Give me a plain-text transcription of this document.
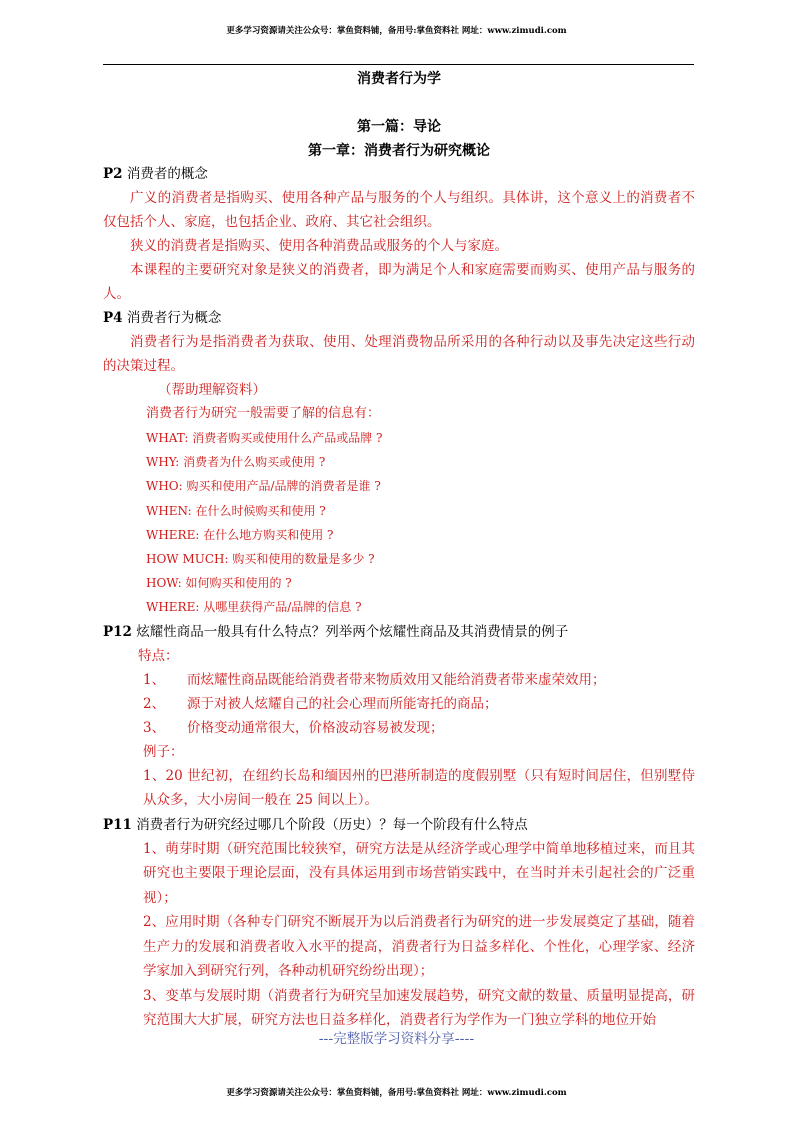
更多学习资源请关注公众号：掌鱼资料铺，备用号:掌鱼资料社 网址：www.zimudi.com
消费者行为学
第一篇：导论
第一章：消费者行为研究概论
P2 消费者的概念
广义的消费者是指购买、使用各种产品与服务的个人与组织。具体讲，这个意义上的消费者不仅包括个人、家庭，也包括企业、政府、其它社会组织。
狭义的消费者是指购买、使用各种消费品或服务的个人与家庭。
本课程的主要研究对象是狭义的消费者，即为满足个人和家庭需要而购买、使用产品与服务的人。
P4 消费者行为概念
消费者行为是指消费者为获取、使用、处理消费物品所采用的各种行动以及事先决定这些行动的决策过程。
（帮助理解资料）
消费者行为研究一般需要了解的信息有：
WHAT: 消费者购买或使用什么产品或品牌 ?
WHY: 消费者为什么购买或使用 ?
WHO: 购买和使用产品/品牌的消费者是谁 ?
WHEN: 在什么时候购买和使用 ?
WHERE: 在什么地方购买和使用 ?
HOW MUCH: 购买和使用的数量是多少 ?
HOW: 如何购买和使用的 ?
WHERE: 从哪里获得产品/品牌的信息 ?
P12 炫耀性商品一般具有什么特点？列举两个炫耀性商品及其消费情景的例子
特点：
1、	而炫耀性商品既能给消费者带来物质效用又能给消费者带来虚荣效用；
2、	源于对被人炫耀自己的社会心理而所能寄托的商品；
3、	价格变动通常很大，价格波动容易被发现；
例子：
1、20 世纪初，在纽约长岛和缅因州的巴港所制造的度假别墅（只有短时间居住，但别墅侍从众多，大小房间一般在 25 间以上）。
P11 消费者行为研究经过哪几个阶段（历史）？每一个阶段有什么特点
1、萌芽时期（研究范围比较狭窄，研究方法是从经济学或心理学中简单地移植过来，而且其研究也主要限于理论层面，没有具体运用到市场营销实践中，在当时并未引起社会的广泛重视）；
2、应用时期（各种专门研究不断展开为以后消费者行为研究的进一步发展奠定了基础，随着生产力的发展和消费者收入水平的提高，消费者行为日益多样化、个性化，心理学家、经济学家加入到研究行列，各种动机研究纷纷出现）；
3、变革与发展时期（消费者行为研究呈加速发展趋势，研究文献的数量、质量明显提高，研究范围大大扩展，研究方法也日益多样化，消费者行为学作为一门独立学科的地位开始
---完整版学习资料分享----
更多学习资源请关注公众号：掌鱼资料铺，备用号:掌鱼资料社 网址：www.zimudi.com
